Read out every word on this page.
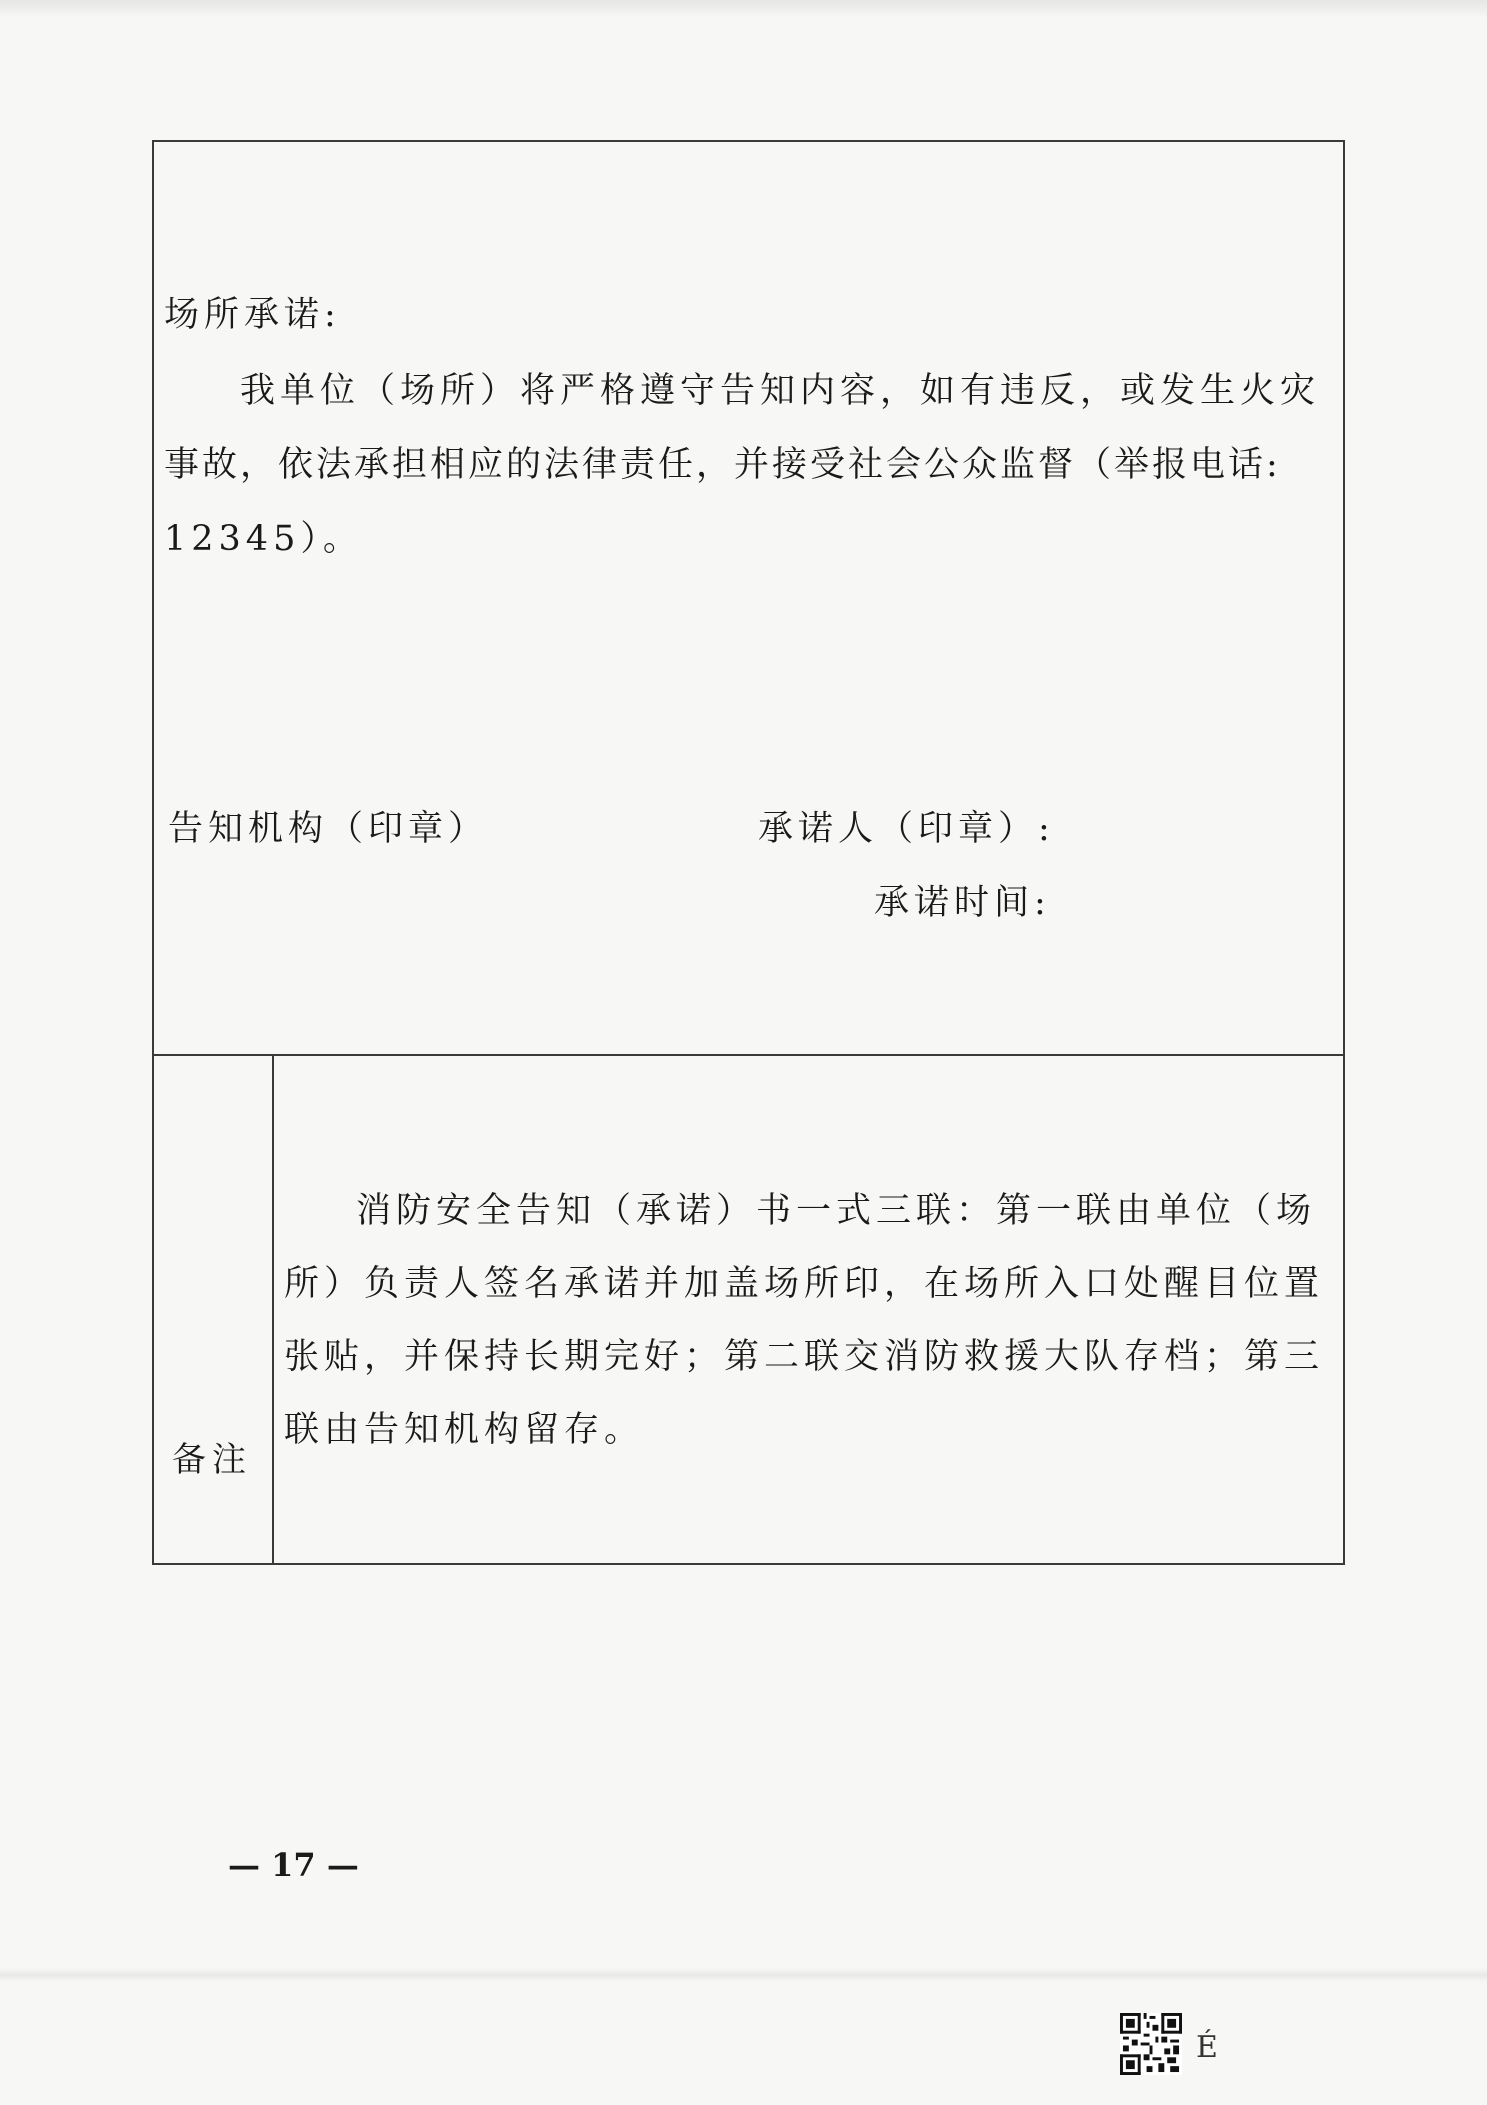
场所承诺:
我单位（场所）将严格遵守告知内容，如有违反，或发生火灾
事故，依法承担相应的法律责任，并接受社会公众监督（举报电话:
12345）。
告知机构（印章）	承诺人（印章）:
承诺时间:
备注
消防安全告知（承诺）书一式三联：第一联由单位（场
所）负责人签名承诺并加盖场所印，在场所入口处醒目位置
张贴，并保持长期完好；第二联交消防救援大队存档；第三
联由告知机构留存。
— 17 —
É
